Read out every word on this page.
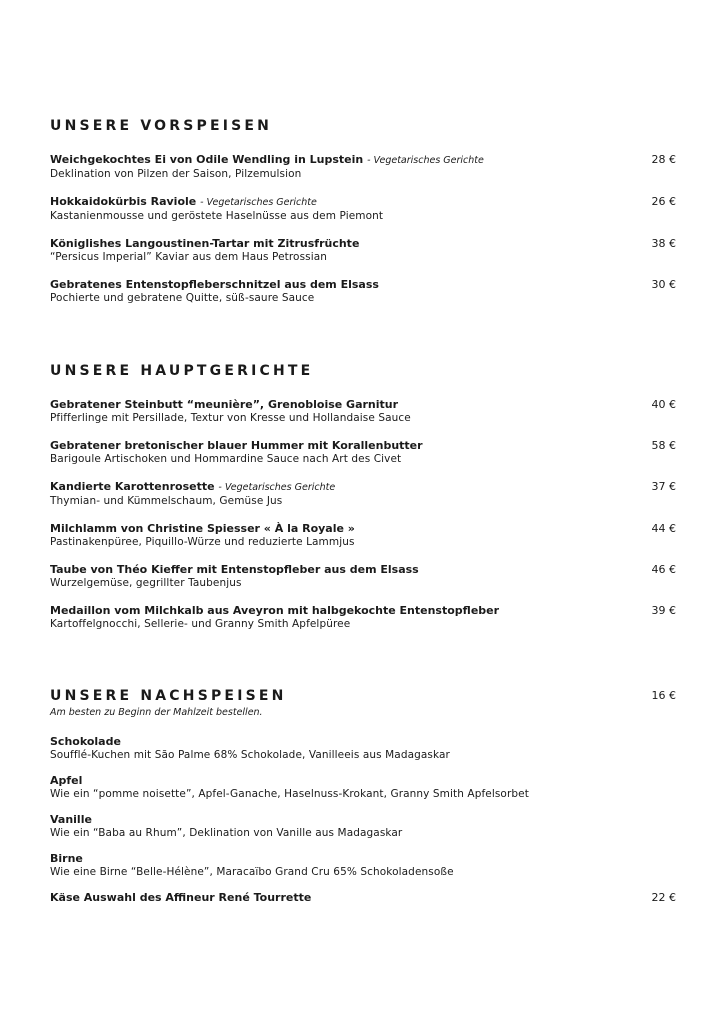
UNSERE VORSPEISEN
Weichgekochtes Ei von Odile Wendling in Lupstein - Vegetarisches Gerichte
Deklination von Pilzen der Saison, Pilzemulsion
28 €
Hokkaidokürbis Raviole - Vegetarisches Gerichte
Kastanienmousse und geröstete Haselnüsse aus dem Piemont
26 €
Königlishes Langoustinen-Tartar mit Zitrusfrüchte
“Persicus Imperial” Kaviar aus dem Haus Petrossian
38 €
Gebratenes Entenstopfleberschnitzel aus dem Elsass
Pochierte und gebratene Quitte, süß-saure Sauce
30 €
UNSERE HAUPTGERICHTE
Gebratener Steinbutt “meunière”, Grenobloise Garnitur
Pfifferlinge mit Persillade, Textur von Kresse und Hollandaise Sauce
40 €
Gebratener bretonischer blauer Hummer mit Korallenbutter
Barigoule Artischoken und Hommardine Sauce nach Art des Civet
58 €
Kandierte Karottenrosette - Vegetarisches Gerichte
Thymian- und Kümmelschaum, Gemüse Jus
37 €
Milchlamm von Christine Spiesser « À la Royale »
Pastinakenpüree, Piquillo-Würze und reduzierte Lammjus
44 €
Taube von Théo Kieffer mit Entenstopfleber aus dem Elsass
Wurzelgemüse, gegrillter Taubenjus
46 €
Medaillon vom Milchkalb aus Aveyron mit halbgekochte Entenstopfleber
Kartoffelgnocchi, Sellerie- und Granny Smith Apfelpüree
39 €
UNSERE NACHSPEISEN	16 €
Am besten zu Beginn der Mahlzeit bestellen.
Schokolade
Soufflé-Kuchen mit São Palme 68% Schokolade, Vanilleeis aus Madagaskar
Apfel
Wie ein “pomme noisette”, Apfel-Ganache, Haselnuss-Krokant, Granny Smith Apfelsorbet
Vanille
Wie ein “Baba au Rhum”, Deklination von Vanille aus Madagaskar
Birne
Wie eine Birne “Belle-Hélène”, Maracaïbo Grand Cru 65% Schokoladensoße
Käse Auswahl des Affineur René Tourrette	22 €
